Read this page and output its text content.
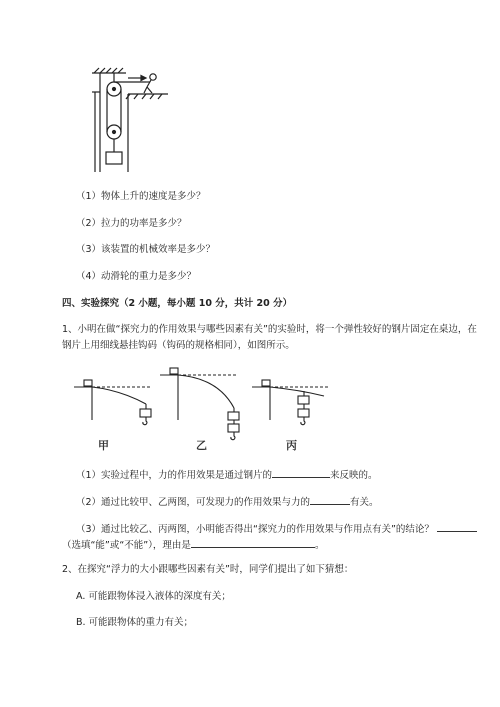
（1）物体上升的速度是多少？
（2）拉力的功率是多少？
（3）该装置的机械效率是多少？
（4）动滑轮的重力是多少？
四、实验探究（2 小题，每小题 10 分，共计 20 分）
1、小明在做“探究力的作用效果与哪些因素有关”的实验时，将一个弹性较好的钢片固定在桌边，在
钢片上用细线悬挂钩码（钩码的规格相同），如图所示。
甲	乙	丙
（1）实验过程中，力的作用效果是通过钢片的	来反映的。
（2）通过比较甲、乙两图，可发现力的作用效果与力的	有关。
（3）通过比较乙、丙两图，小明能否得出“探究力的作用效果与作用点有关”的结论？
（选填“能”或“不能”），理由是	。
2、在探究“浮力的大小跟哪些因素有关”时，同学们提出了如下猜想：
A. 可能跟物体浸入液体的深度有关；
B. 可能跟物体的重力有关；
